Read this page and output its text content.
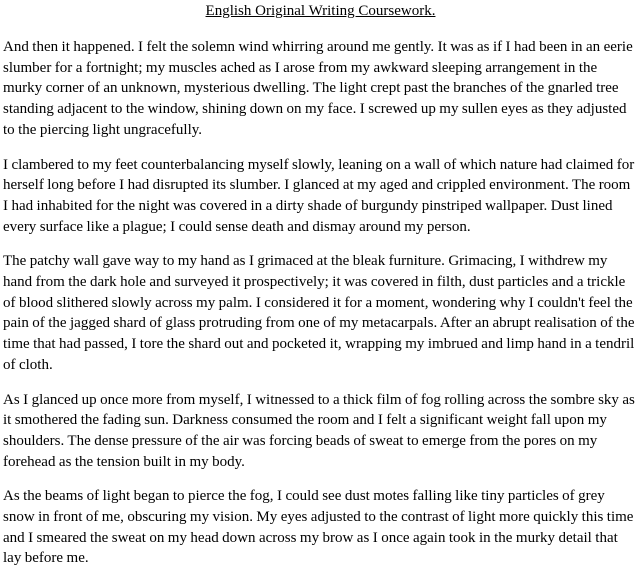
English Original Writing Coursework.

And then it happened. I felt the solemn wind whirring around me gently. It was as if I had been in an eerie slumber for a fortnight; my muscles ached as I arose from my awkward sleeping arrangement in the murky corner of an unknown, mysterious dwelling. The light crept past the branches of the gnarled tree standing adjacent to the window, shining down on my face. I screwed up my sullen eyes as they adjusted to the piercing light ungracefully.

I clambered to my feet counterbalancing myself slowly, leaning on a wall of which nature had claimed for herself long before I had disrupted its slumber. I glanced at my aged and crippled environment. The room I had inhabited for the night was covered in a dirty shade of burgundy pinstriped wallpaper. Dust lined every surface like a plague; I could sense death and dismay around my person.

The patchy wall gave way to my hand as I grimaced at the bleak furniture. Grimacing, I withdrew my hand from the dark hole and surveyed it prospectively; it was covered in filth, dust particles and a trickle of blood slithered slowly across my palm. I considered it for a moment, wondering why I couldn't feel the pain of the jagged shard of glass protruding from one of my metacarpals. After an abrupt realisation of the time that had passed, I tore the shard out and pocketed it, wrapping my imbrued and limp hand in a tendril of cloth.

As I glanced up once more from myself, I witnessed to a thick film of fog rolling across the sombre sky as it smothered the fading sun. Darkness consumed the room and I felt a significant weight fall upon my shoulders. The dense pressure of the air was forcing beads of sweat to emerge from the pores on my forehead as the tension built in my body.

As the beams of light began to pierce the fog, I could see dust motes falling like tiny particles of grey snow in front of me, obscuring my vision. My eyes adjusted to the contrast of light more quickly this time and I smeared the sweat on my head down across my brow as I once again took in the murky detail that lay before me.
